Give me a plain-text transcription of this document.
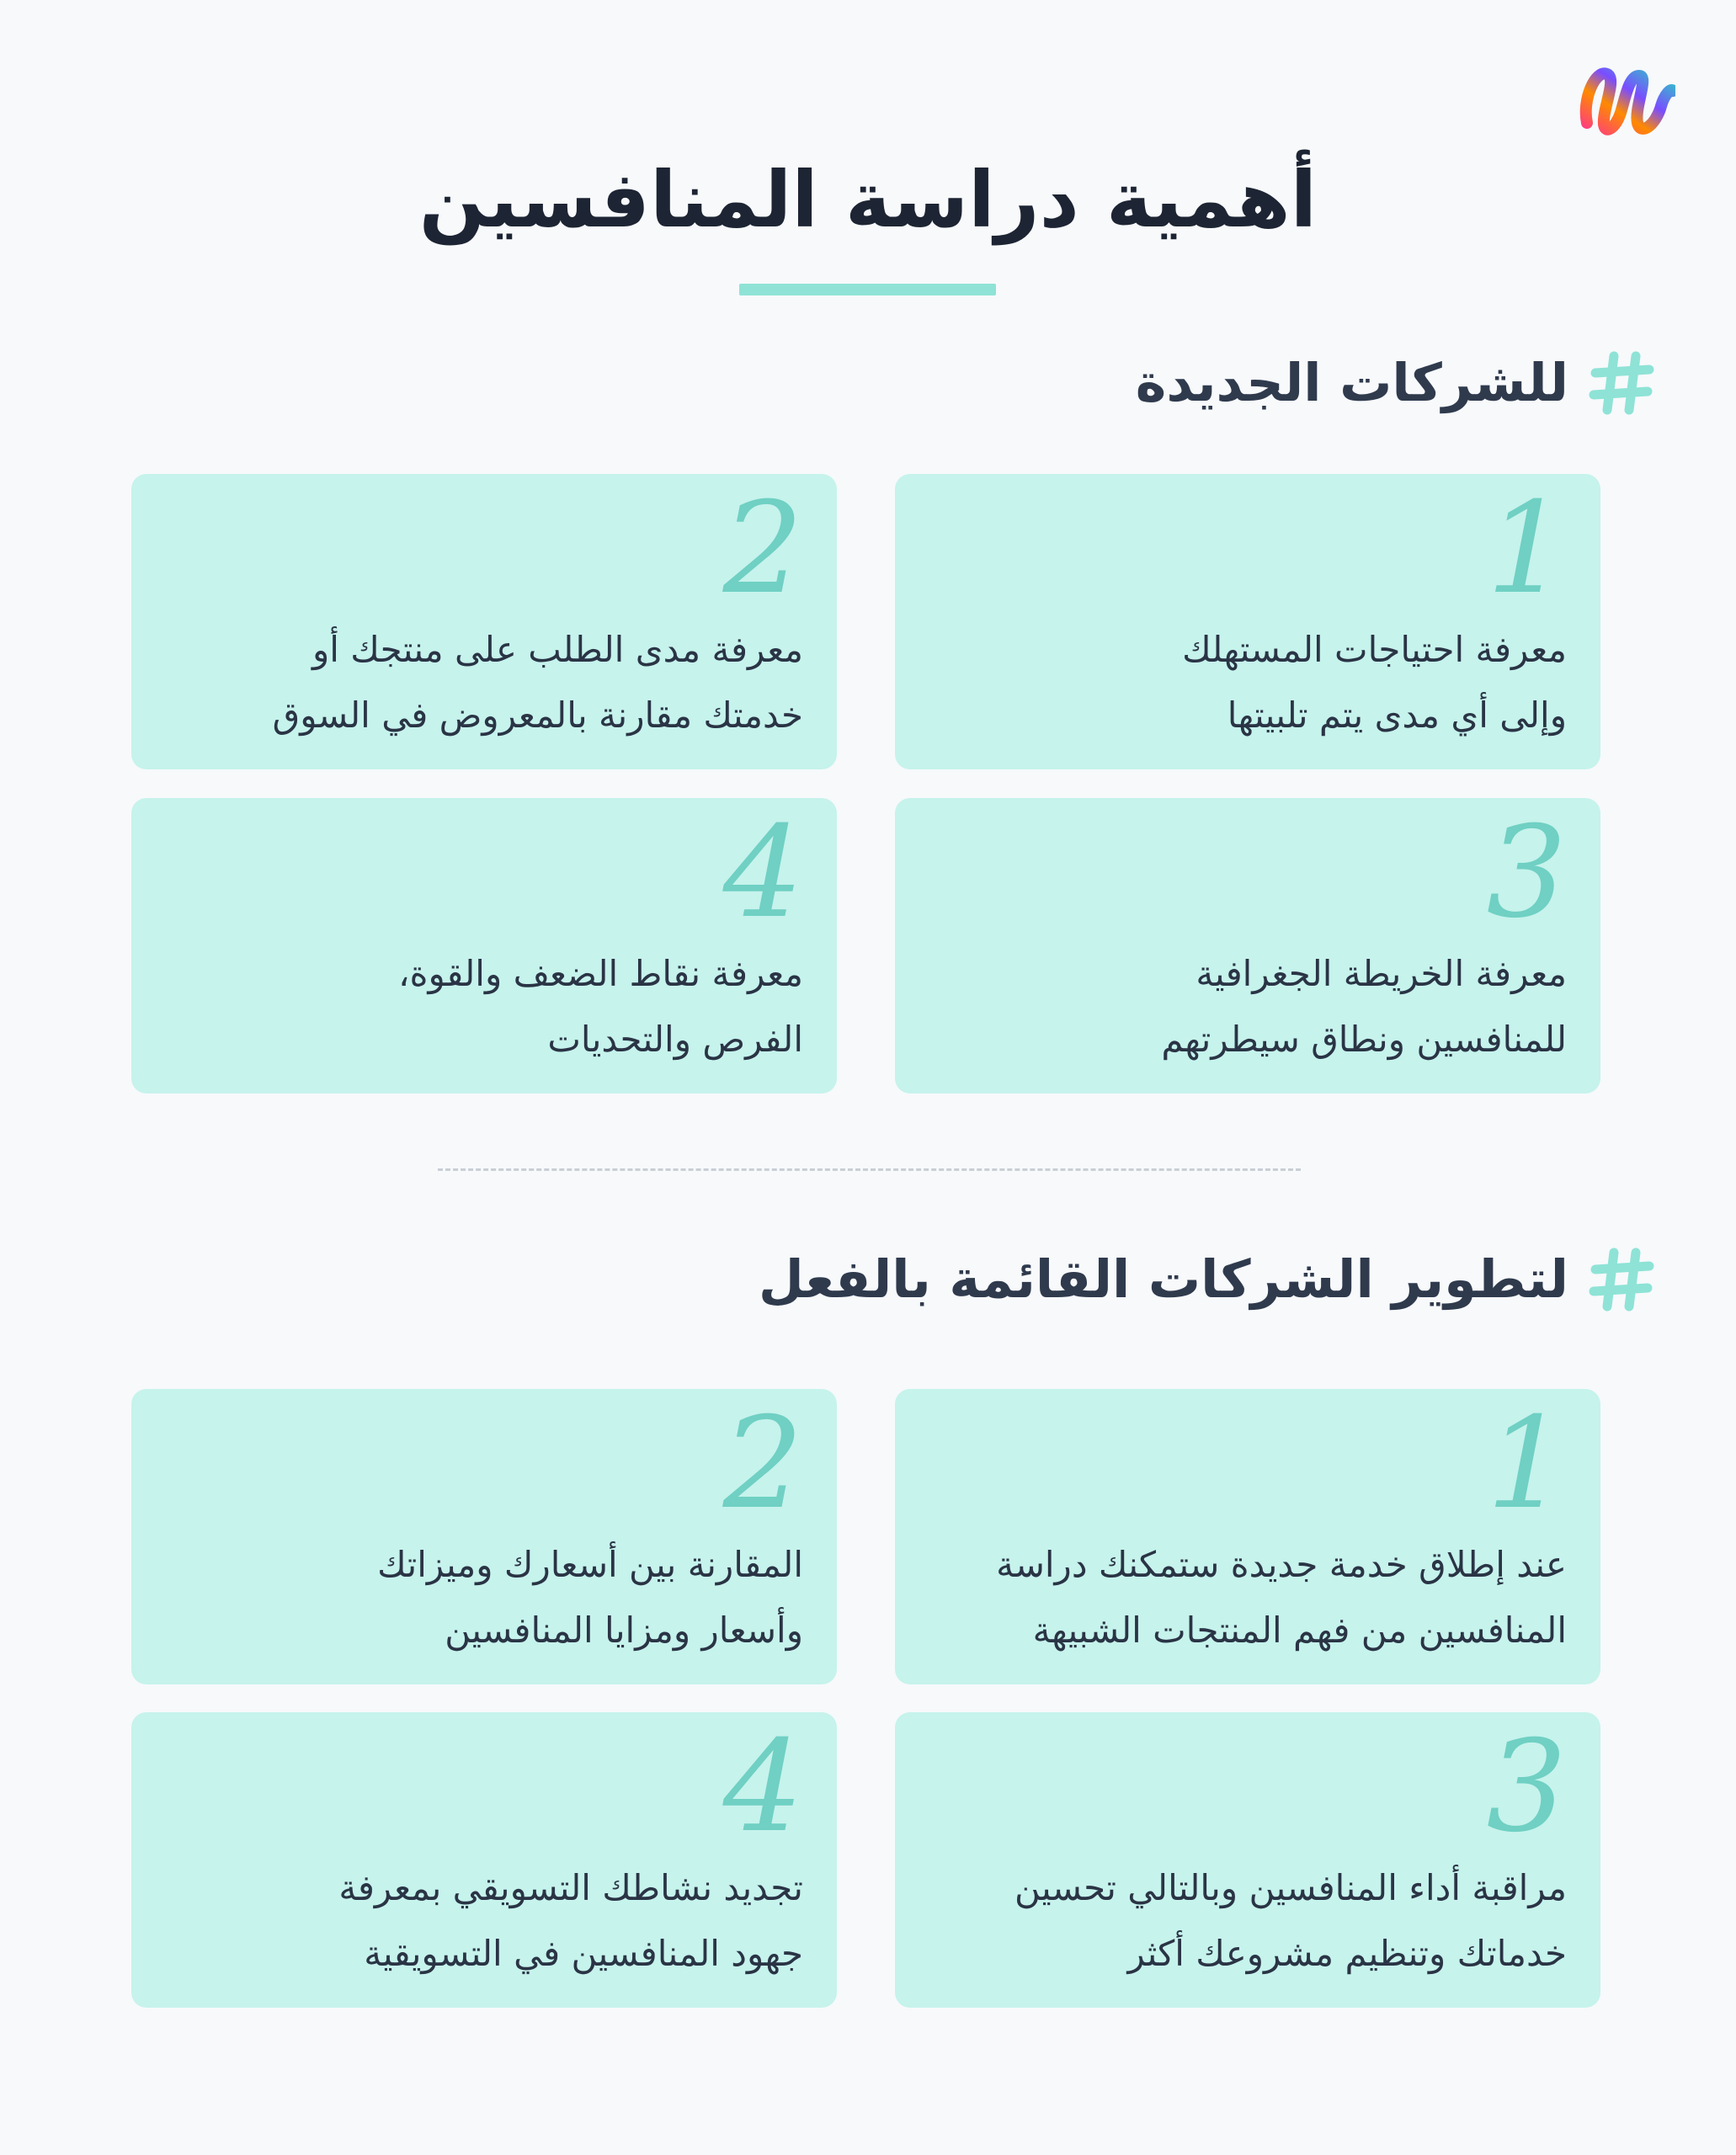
أهمية دراسة المنافسين
للشركات الجديدة
1
معرفة احتياجات المستهلك
وإلى أي مدى يتم تلبيتها
2
معرفة مدى الطلب على منتجك أو
خدمتك مقارنة بالمعروض في السوق
3
معرفة الخريطة الجغرافية
للمنافسين ونطاق سيطرتهم
4
معرفة نقاط الضعف والقوة،
الفرص والتحديات
لتطوير الشركات القائمة بالفعل
1
عند إطلاق خدمة جديدة ستمكنك دراسة
المنافسين من فهم المنتجات الشبيهة
2
المقارنة بين أسعارك وميزاتك
وأسعار ومزايا المنافسين
3
مراقبة أداء المنافسين وبالتالي تحسين
خدماتك وتنظيم مشروعك أكثر
4
تجديد نشاطك التسويقي بمعرفة
جهود المنافسين في التسويقية
